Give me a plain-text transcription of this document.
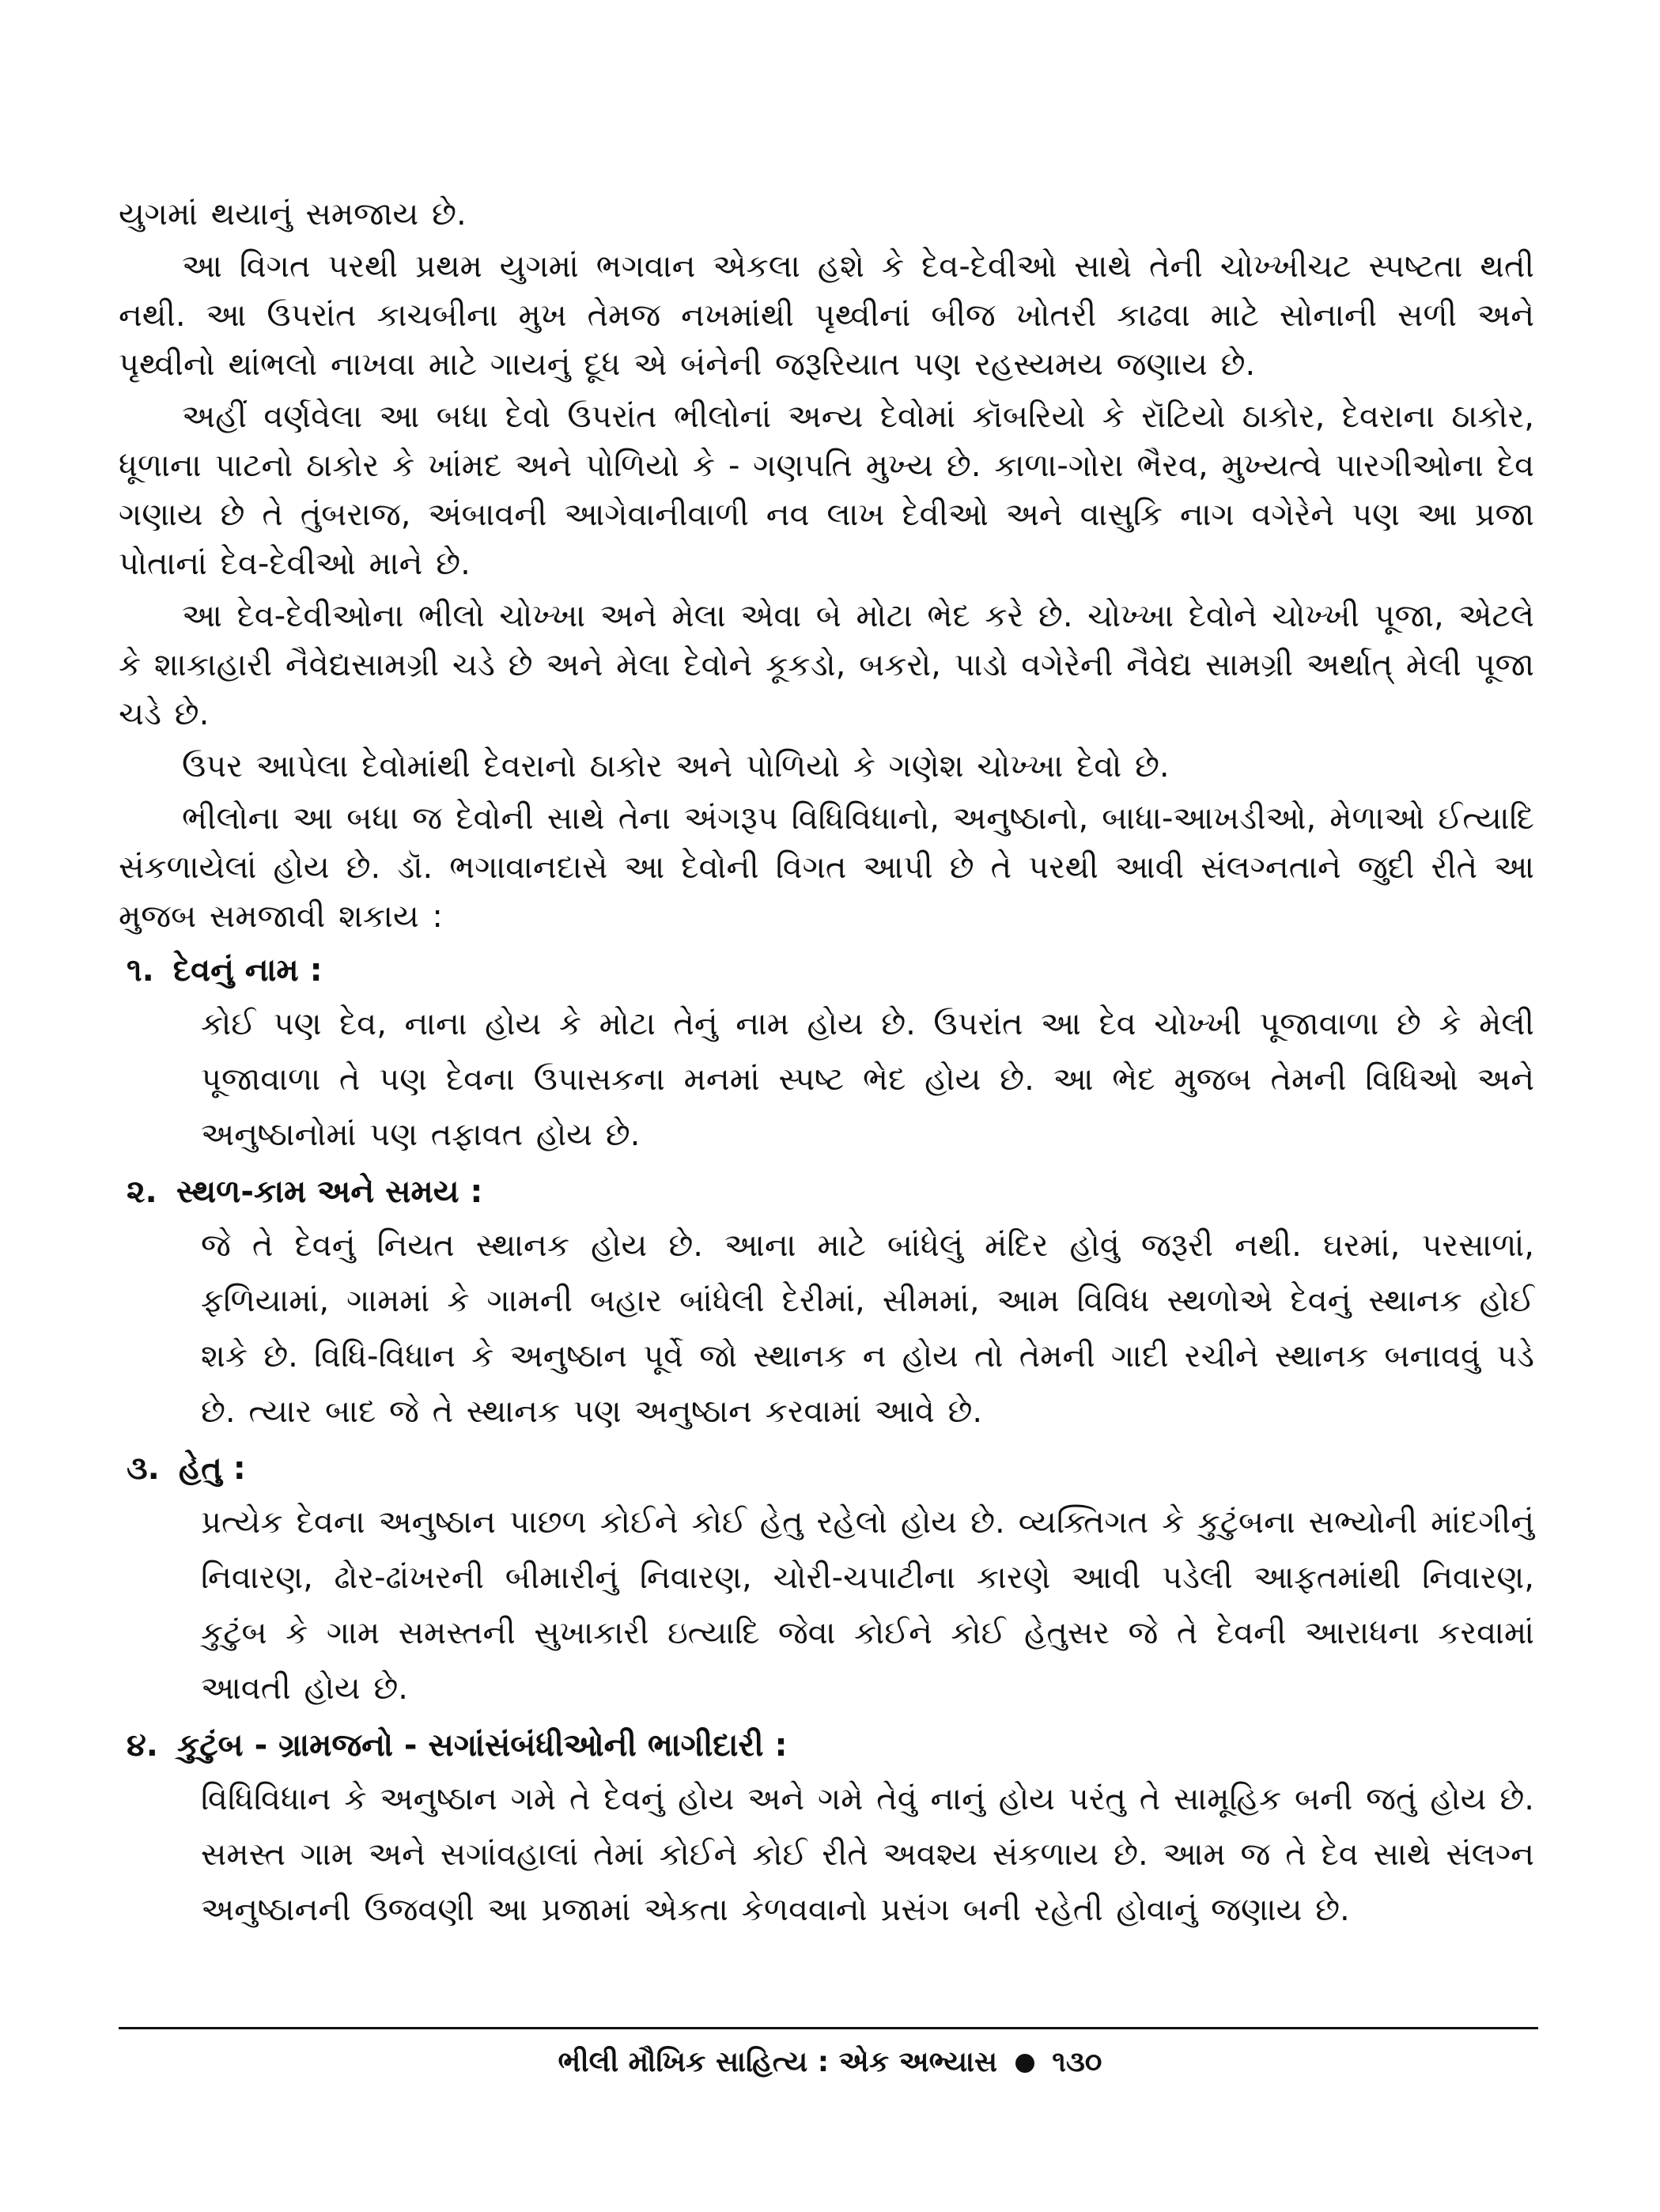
યુગમાં થયાનું સમજાય છે.

આ વિગત પરથી પ્રથમ યુગમાં ભગવાન એકલા હશે કે દેવ-દેવીઓ સાથે તેની ચોખ્ખીચટ સ્પષ્ટતા થતી નથી. આ ઉપરાંત કાચબીના મુખ તેમજ નખમાંથી પૃથ્વીનાં બીજ ખોતરી કાઢવા માટે સોનાની સળી અને પૃથ્વીનો થાંભલો નાખવા માટે ગાયનું દૂધ એ બંનેની જરૂરિયાત પણ રહસ્યમય જણાય છે.

અહીં વર્ણવેલા આ બધા દેવો ઉપરાંત ભીલોનાં અન્ય દેવોમાં કૉબરિયો કે રૉટિયો ઠાકોર, દેવરાના ઠાકોર, ધૂળાના પાટનો ઠાકોર કે ખાંમદ અને પોળિયો કે - ગણપતિ મુખ્ય છે. કાળા-ગોરા ભૈરવ, મુખ્યત્વે પારગીઓના દેવ ગણાય છે તે તુંબરાજ, અંબાવની આગેવાનીવાળી નવ લાખ દેવીઓ અને વાસુકિ નાગ વગેરેને પણ આ પ્રજા પોતાનાં દેવ-દેવીઓ માને છે.

આ દેવ-દેવીઓના ભીલો ચોખ્ખા અને મેલા એવા બે મોટા ભેદ કરે છે. ચોખ્ખા દેવોને ચોખ્ખી પૂજા, એટલે કે શાકાહારી નૈવેદ્યસામગ્રી ચડે છે અને મેલા દેવોને કૂકડો, બકરો, પાડો વગેરેની નૈવેદ્ય સામગ્રી અર્થાત્ મેલી પૂજા ચડે છે.

ઉપર આપેલા દેવોમાંથી દેવરાનો ઠાકોર અને પોળિયો કે ગણેશ ચોખ્ખા દેવો છે.

ભીલોના આ બધા જ દેવોની સાથે તેના અંગરૂપ વિધિવિધાનો, અનુષ્ઠાનો, બાધા-આખડીઓ, મેળાઓ ઈત્યાદિ સંકળાયેલાં હોય છે. ડૉ. ભગાવાનદાસે આ દેવોની વિગત આપી છે તે પરથી આવી સંલગ્નતાને જુદી રીતે આ મુજબ સમજાવી શકાય :

૧. દેવનું નામ :

કોઈ પણ દેવ, નાના હોય કે મોટા તેનું નામ હોય છે. ઉપરાંત આ દેવ ચોખ્ખી પૂજાવાળા છે કે મેલી પૂજાવાળા તે પણ દેવના ઉપાસકના મનમાં સ્પષ્ટ ભેદ હોય છે. આ ભેદ મુજબ તેમની વિધિઓ અને અનુષ્ઠાનોમાં પણ તફાવત હોય છે.

૨. સ્થળ-કામ અને સમય :

જે તે દેવનું નિયત સ્થાનક હોય છે. આના માટે બાંધેલું મંદિર હોવું જરૂરી નથી. ઘરમાં, પરસાળાં, ફળિયામાં, ગામમાં કે ગામની બહાર બાંધેલી દેરીમાં, સીમમાં, આમ વિવિધ સ્થળોએ દેવનું સ્થાનક હોઈ શકે છે. વિધિ-વિધાન કે અનુષ્ઠાન પૂર્વે જો સ્થાનક ન હોય તો તેમની ગાદી રચીને સ્થાનક બનાવવું પડે છે. ત્યાર બાદ જે તે સ્થાનક પણ અનુષ્ઠાન કરવામાં આવે છે.

૩. હેતુ :

પ્રત્યેક દેવના અનુષ્ઠાન પાછળ કોઈને કોઈ હેતુ રહેલો હોય છે. વ્યક્તિગત કે કુટુંબના સભ્યોની માંદગીનું નિવારણ, ઢોર-ઢાંખરની બીમારીનું નિવારણ, ચોરી-ચપાટીના કારણે આવી પડેલી આફતમાંથી નિવારણ, કુટુંબ કે ગામ સમસ્તની સુખાકારી ઇત્યાદિ જેવા કોઈને કોઈ હેતુસર જે તે દેવની આરાધના કરવામાં આવતી હોય છે.

૪. કુટુંબ - ગ્રામજનો - સગાંસંબંધીઓની ભાગીદારી :

વિધિવિધાન કે અનુષ્ઠાન ગમે તે દેવનું હોય અને ગમે તેવું નાનું હોય પરંતુ તે સામૂહિક બની જતું હોય છે. સમસ્ત ગામ અને સગાંવહાલાં તેમાં કોઈને કોઈ રીતે અવશ્ય સંકળાય છે. આમ જ તે દેવ સાથે સંલગ્ન અનુષ્ઠાનની ઉજવણી આ પ્રજામાં એકતા કેળવવાનો પ્રસંગ બની રહેતી હોવાનું જણાય છે.

ભીલી મૌખિક સાહિત્ય : એક અભ્યાસ ૧૩૦
